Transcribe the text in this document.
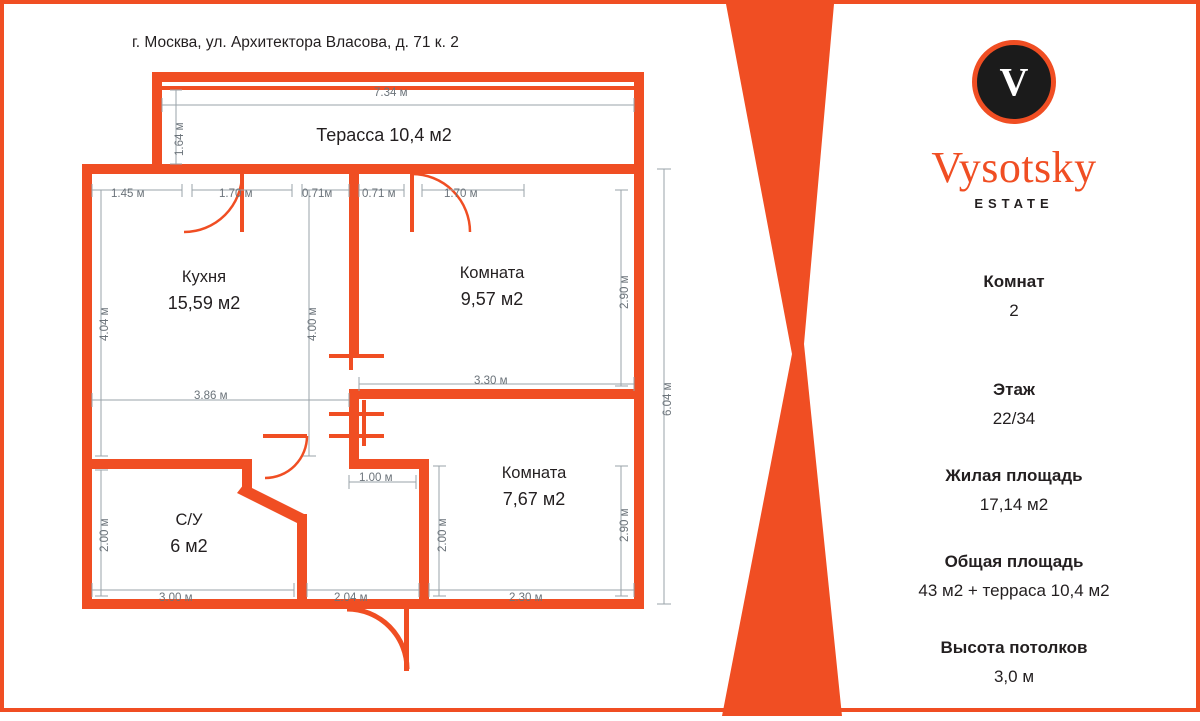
г. Москва, ул. Архитектора Власова, д. 71 к. 2
Терасса 10,4 м2
Кухня
15,59 м2
Комната
9,57 м2
Комната
7,67 м2
С/У
6 м2
7.34 м
1.64 м
1.45 м	1.70 м	0.71м	0.71 м	1.70 м
4.04 м	4.00 м
2.90 м
2.90 м
6.04 м
3.86 м
3.30 м
2.00 м
1.00 м
2.00 м
3.00 м	2.04 м	2.30 м
V
Vysotsky
ESTATE
Комнат
2
Этаж
22/34
Жилая площадь
17,14 м2
Общая площадь
43 м2 + терраса 10,4 м2
Высота потолков
3,0 м
